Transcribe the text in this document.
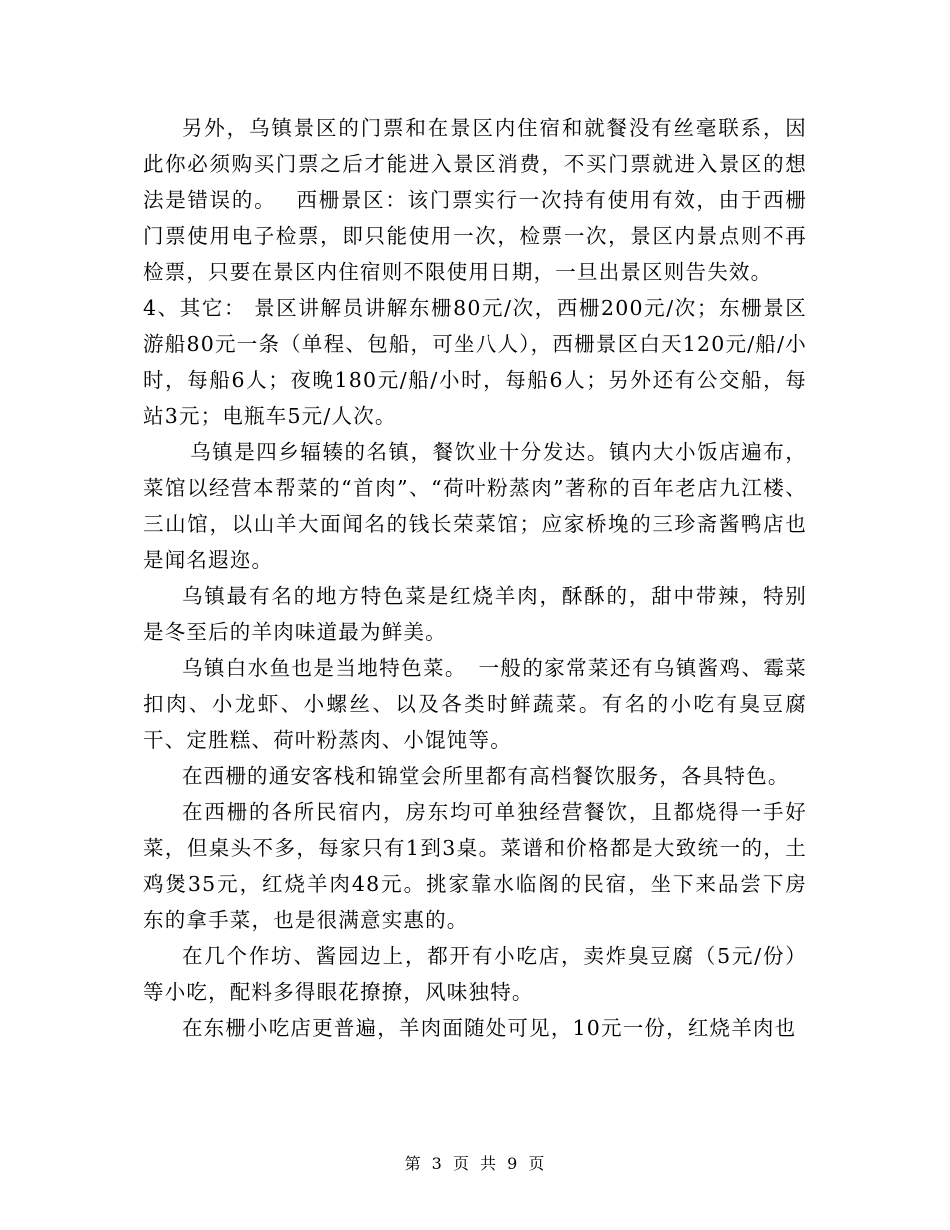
另外，乌镇景区的门票和在景区内住宿和就餐没有丝毫联系，因此你必须购买门票之后才能进入景区消费，不买门票就进入景区的想法是错误的。　 西栅景区：该门票实行一次持有使用有效，由于西栅门票使用电子检票，即只能使用一次，检票一次，景区内景点则不再检票，只要在景区内住宿则不限使用日期，一旦出景区则告失效。

4、其它： 景区讲解员讲解东栅80元/次，西栅200元/次；东栅景区游船80元一条（单程、包船，可坐八人），西栅景区白天120元/船/小时，每船6人；夜晚180元/船/小时，每船6人；另外还有公交船，每站3元；电瓶车5元/人次。

乌镇是四乡辐辏的名镇，餐饮业十分发达。镇内大小饭店遍布，菜馆以经营本帮菜的“首肉”、“荷叶粉蒸肉”著称的百年老店九江楼、三山馆，以山羊大面闻名的钱长荣菜馆；应家桥堍的三珍斋酱鸭店也是闻名遐迩。

乌镇最有名的地方特色菜是红烧羊肉，酥酥的，甜中带辣，特别是冬至后的羊肉味道最为鲜美。

乌镇白水鱼也是当地特色菜。　一般的家常菜还有乌镇酱鸡、霉菜扣肉、小龙虾、小螺丝、以及各类时鲜蔬菜。有名的小吃有臭豆腐干、定胜糕、荷叶粉蒸肉、小馄饨等。

在西栅的通安客栈和锦堂会所里都有高档餐饮服务，各具特色。

在西栅的各所民宿内，房东均可单独经营餐饮，且都烧得一手好菜，但桌头不多，每家只有1到3桌。菜谱和价格都是大致统一的，土鸡煲35元，红烧羊肉48元。挑家靠水临阁的民宿，坐下来品尝下房东的拿手菜，也是很满意实惠的。

在几个作坊、酱园边上，都开有小吃店，卖炸臭豆腐（5元/份）等小吃，配料多得眼花撩撩，风味独特。

在东栅小吃店更普遍，羊肉面随处可见，10元一份，红烧羊肉也

第 3 页 共 9 页
